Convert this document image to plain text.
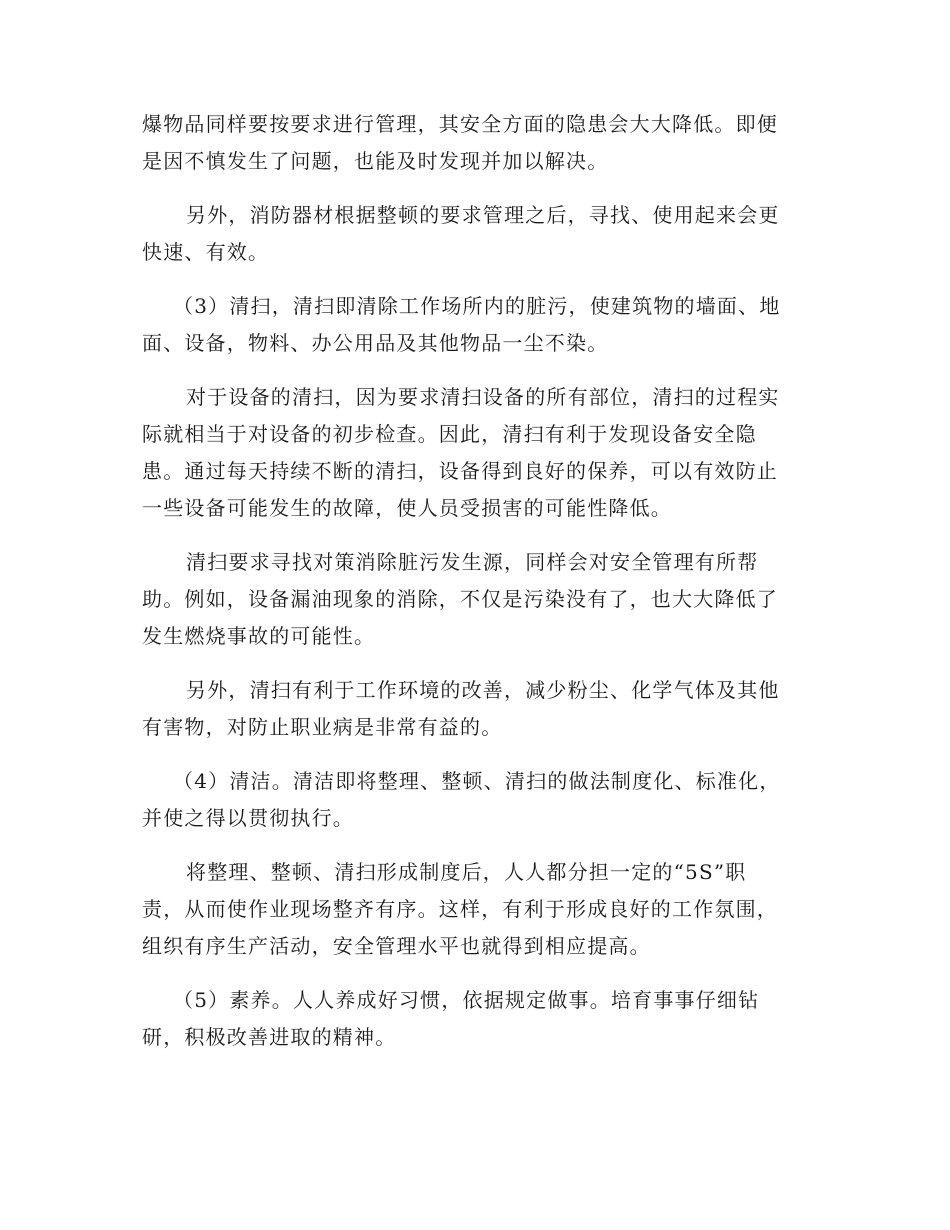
爆物品同样要按要求进行管理，其安全方面的隐患会大大降低。即便
是因不慎发生了问题，也能及时发现并加以解决。
另外，消防器材根据整顿的要求管理之后，寻找、使用起来会更
快速、有效。
（3）清扫，清扫即清除工作场所内的脏污，使建筑物的墙面、地
面、设备，物料、办公用品及其他物品一尘不染。
对于设备的清扫，因为要求清扫设备的所有部位，清扫的过程实
际就相当于对设备的初步检查。因此，清扫有利于发现设备安全隐
患。通过每天持续不断的清扫，设备得到良好的保养，可以有效防止
一些设备可能发生的故障，使人员受损害的可能性降低。
清扫要求寻找对策消除脏污发生源，同样会对安全管理有所帮
助。例如，设备漏油现象的消除，不仅是污染没有了，也大大降低了
发生燃烧事故的可能性。
另外，清扫有利于工作环境的改善，减少粉尘、化学气体及其他
有害物，对防止职业病是非常有益的。
（4）清洁。清洁即将整理、整顿、清扫的做法制度化、标准化，
并使之得以贯彻执行。
将整理、整顿、清扫形成制度后，人人都分担一定的“5S”职
责，从而使作业现场整齐有序。这样，有利于形成良好的工作氛围，
组织有序生产活动，安全管理水平也就得到相应提高。
（5）素养。人人养成好习惯，依据规定做事。培育事事仔细钻
研，积极改善进取的精神。
